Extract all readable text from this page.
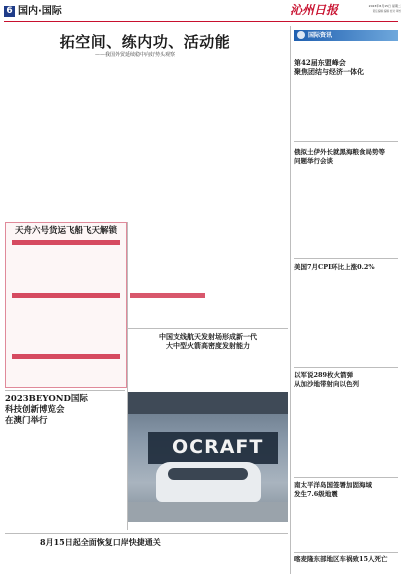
6 国内·国际	沁州日报	2023年8月15日 星期二
责任编辑 编辑 校对 审核
拓空间、练内功、活动能
——我国外贸延续稳中向好势头观察
国际资讯
第42届东盟峰会
聚焦团结与经济一体化
俄拟土伊外长就黑海粮食局势等
问题举行会谈
美国7月CPI环比上涨0.2%
以军说289枚火箭弹
从加沙地带射向以色列
南太平洋岛国签署加固海域
发生7.6级地震
喀麦隆东部地区车祸致15人死亡
天舟六号货运飞船飞天解锁
中国支线航天发射场形成新一代
大中型火箭高密度发射能力
OCRAFT
2023BEYOND国际
科技创新博览会
在澳门举行
8月15日起全面恢复口岸快捷通关
